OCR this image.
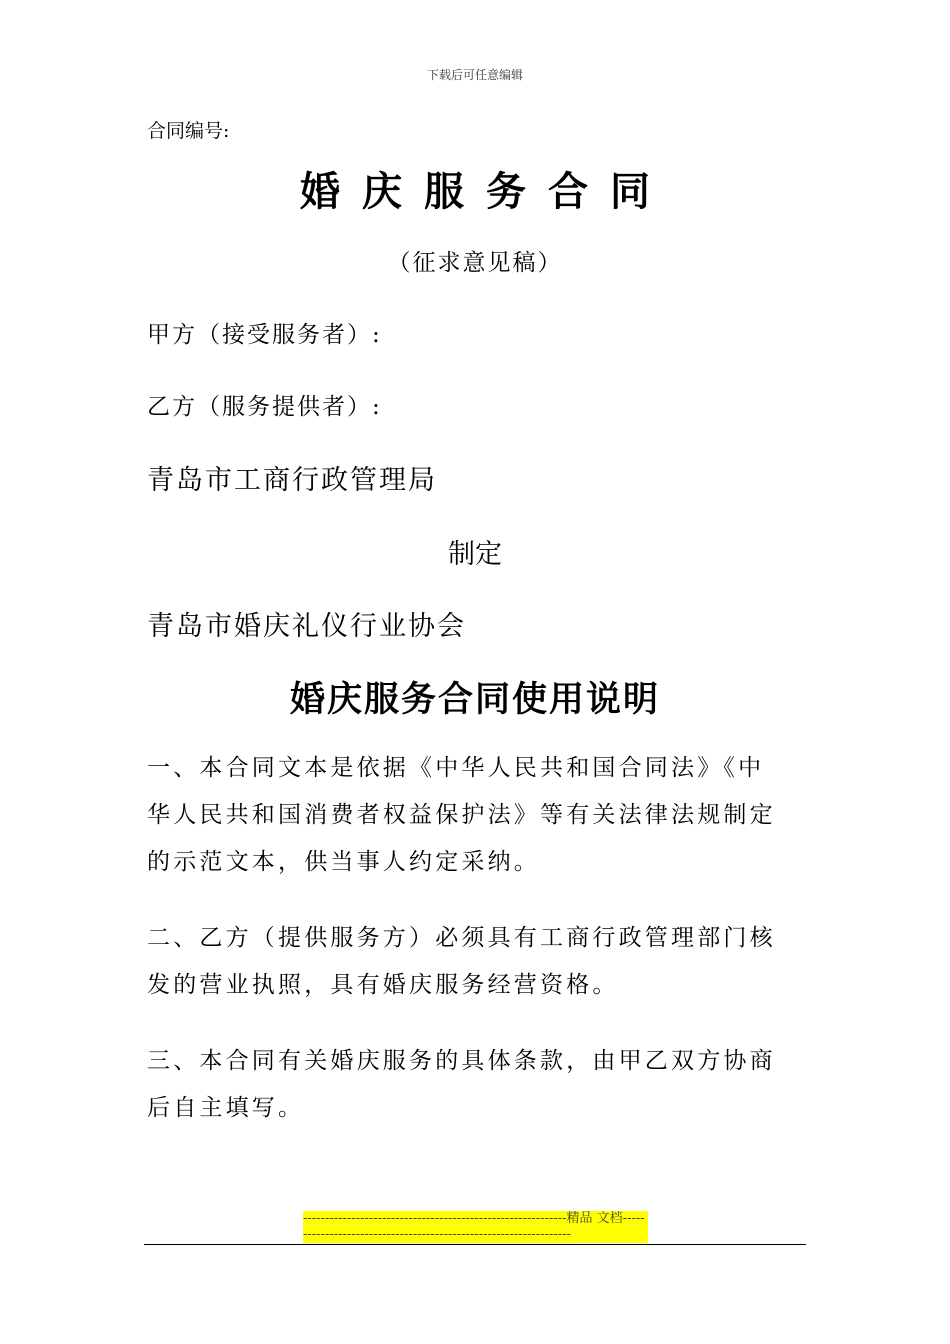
下载后可任意编辑
合同编号:
婚庆服务合同
（征求意见稿）
甲方（接受服务者）:
乙方（服务提供者）:
青岛市工商行政管理局
制定
青岛市婚庆礼仪行业协会
婚庆服务合同使用说明

一、本合同文本是依据《中华人民共和国合同法》《中华人民共和国消费者权益保护法》等有关法律法规制定的示范文本，供当事人约定采纳。

二、乙方（提供服务方）必须具有工商行政管理部门核发的营业执照，具有婚庆服务经营资格。

三、本合同有关婚庆服务的具体条款，由甲乙双方协商后自主填写。

------------------------------------------------------------精品 文档------------------------------------------------------------------
